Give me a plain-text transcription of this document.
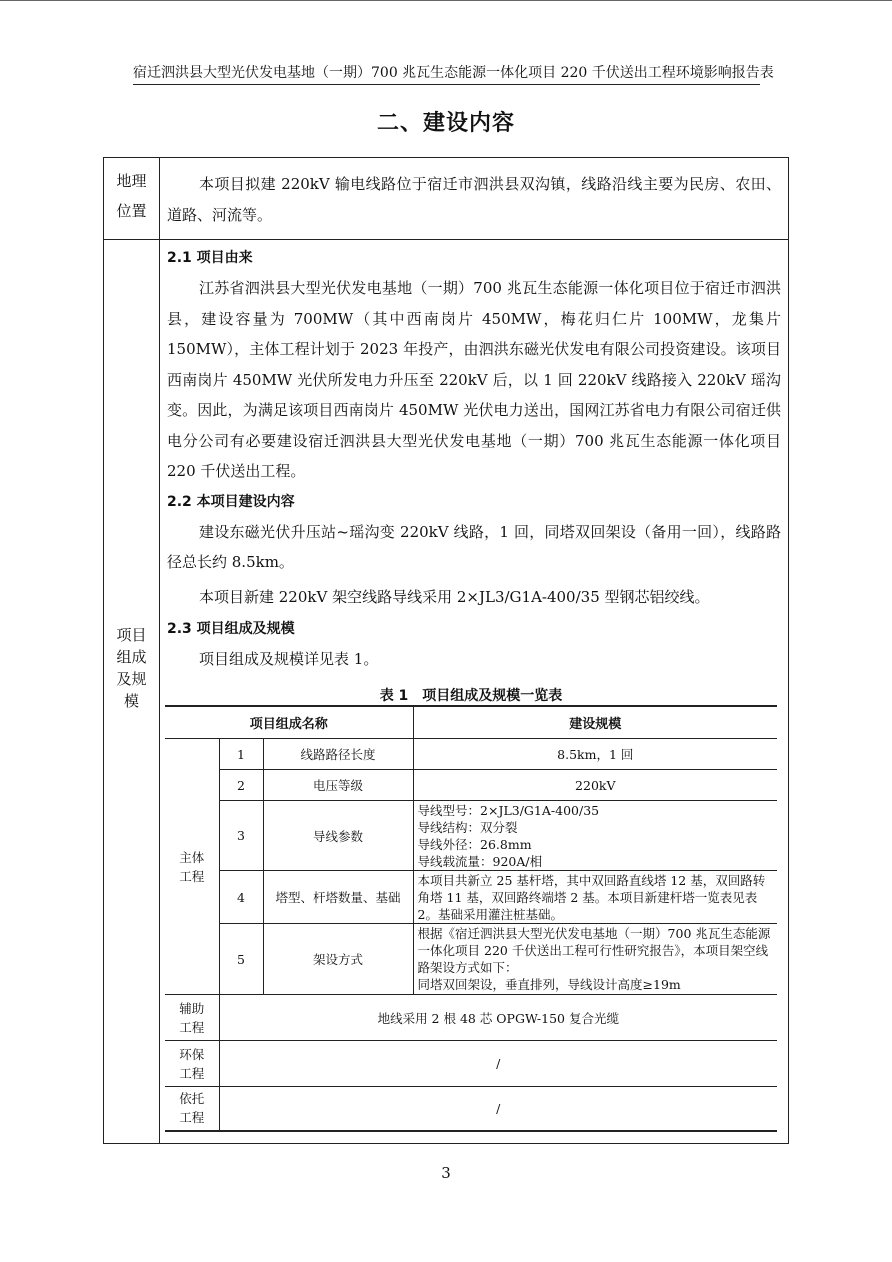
宿迁泗洪县大型光伏发电基地（一期）700 兆瓦生态能源一体化项目 220 千伏送出工程环境影响报告表
二、建设内容
地理
位置

本项目拟建 220kV 输电线路位于宿迁市泗洪县双沟镇，线路沿线主要为民房、农田、道路、河流等。

项目
组成
及规
模

2.1 项目由来

江苏省泗洪县大型光伏发电基地（一期）700 兆瓦生态能源一体化项目位于宿迁市泗洪县，建设容量为 700MW（其中西南岗片 450MW，梅花归仁片 100MW，龙集片 150MW），主体工程计划于 2023 年投产，由泗洪东磁光伏发电有限公司投资建设。该项目西南岗片 450MW 光伏所发电力升压至 220kV 后，以 1 回 220kV 线路接入 220kV 瑶沟变。因此，为满足该项目西南岗片 450MW 光伏电力送出，国网江苏省电力有限公司宿迁供电分公司有必要建设宿迁泗洪县大型光伏发电基地（一期）700 兆瓦生态能源一体化项目 220 千伏送出工程。

2.2 本项目建设内容

建设东磁光伏升压站~瑶沟变 220kV 线路，1 回，同塔双回架设（备用一回），线路路径总长约 8.5km。

本项目新建 220kV 架空线路导线采用 2×JL3/G1A-400/35 型钢芯铝绞线。

2.3 项目组成及规模

项目组成及规模详见表 1。

表 1　项目组成及规模一览表
项目组成名称			建设规模
主体
工程	1	线路路径长度	8.5km，1 回
	2	电压等级	220kV
	3	导线参数	导线型号：2×JL3/G1A-400/35
导线结构：双分裂
导线外径：26.8mm
导线载流量：920A/相
	4	塔型、杆塔数量、基础	本项目共新立 25 基杆塔，其中双回路直线塔 12 基，双回路转角塔 11 基，双回路终端塔 2 基。本项目新建杆塔一览表见表 2。基础采用灌注桩基础。
	5	架设方式	根据《宿迁泗洪县大型光伏发电基地（一期）700 兆瓦生态能源一体化项目 220 千伏送出工程可行性研究报告》，本项目架空线路架设方式如下：
同塔双回架设，垂直排列，导线设计高度≥19m
辅助
工程	地线采用 2 根 48 芯 OPGW-150 复合光缆		
环保
工程	/		
依托
工程	/		
3
